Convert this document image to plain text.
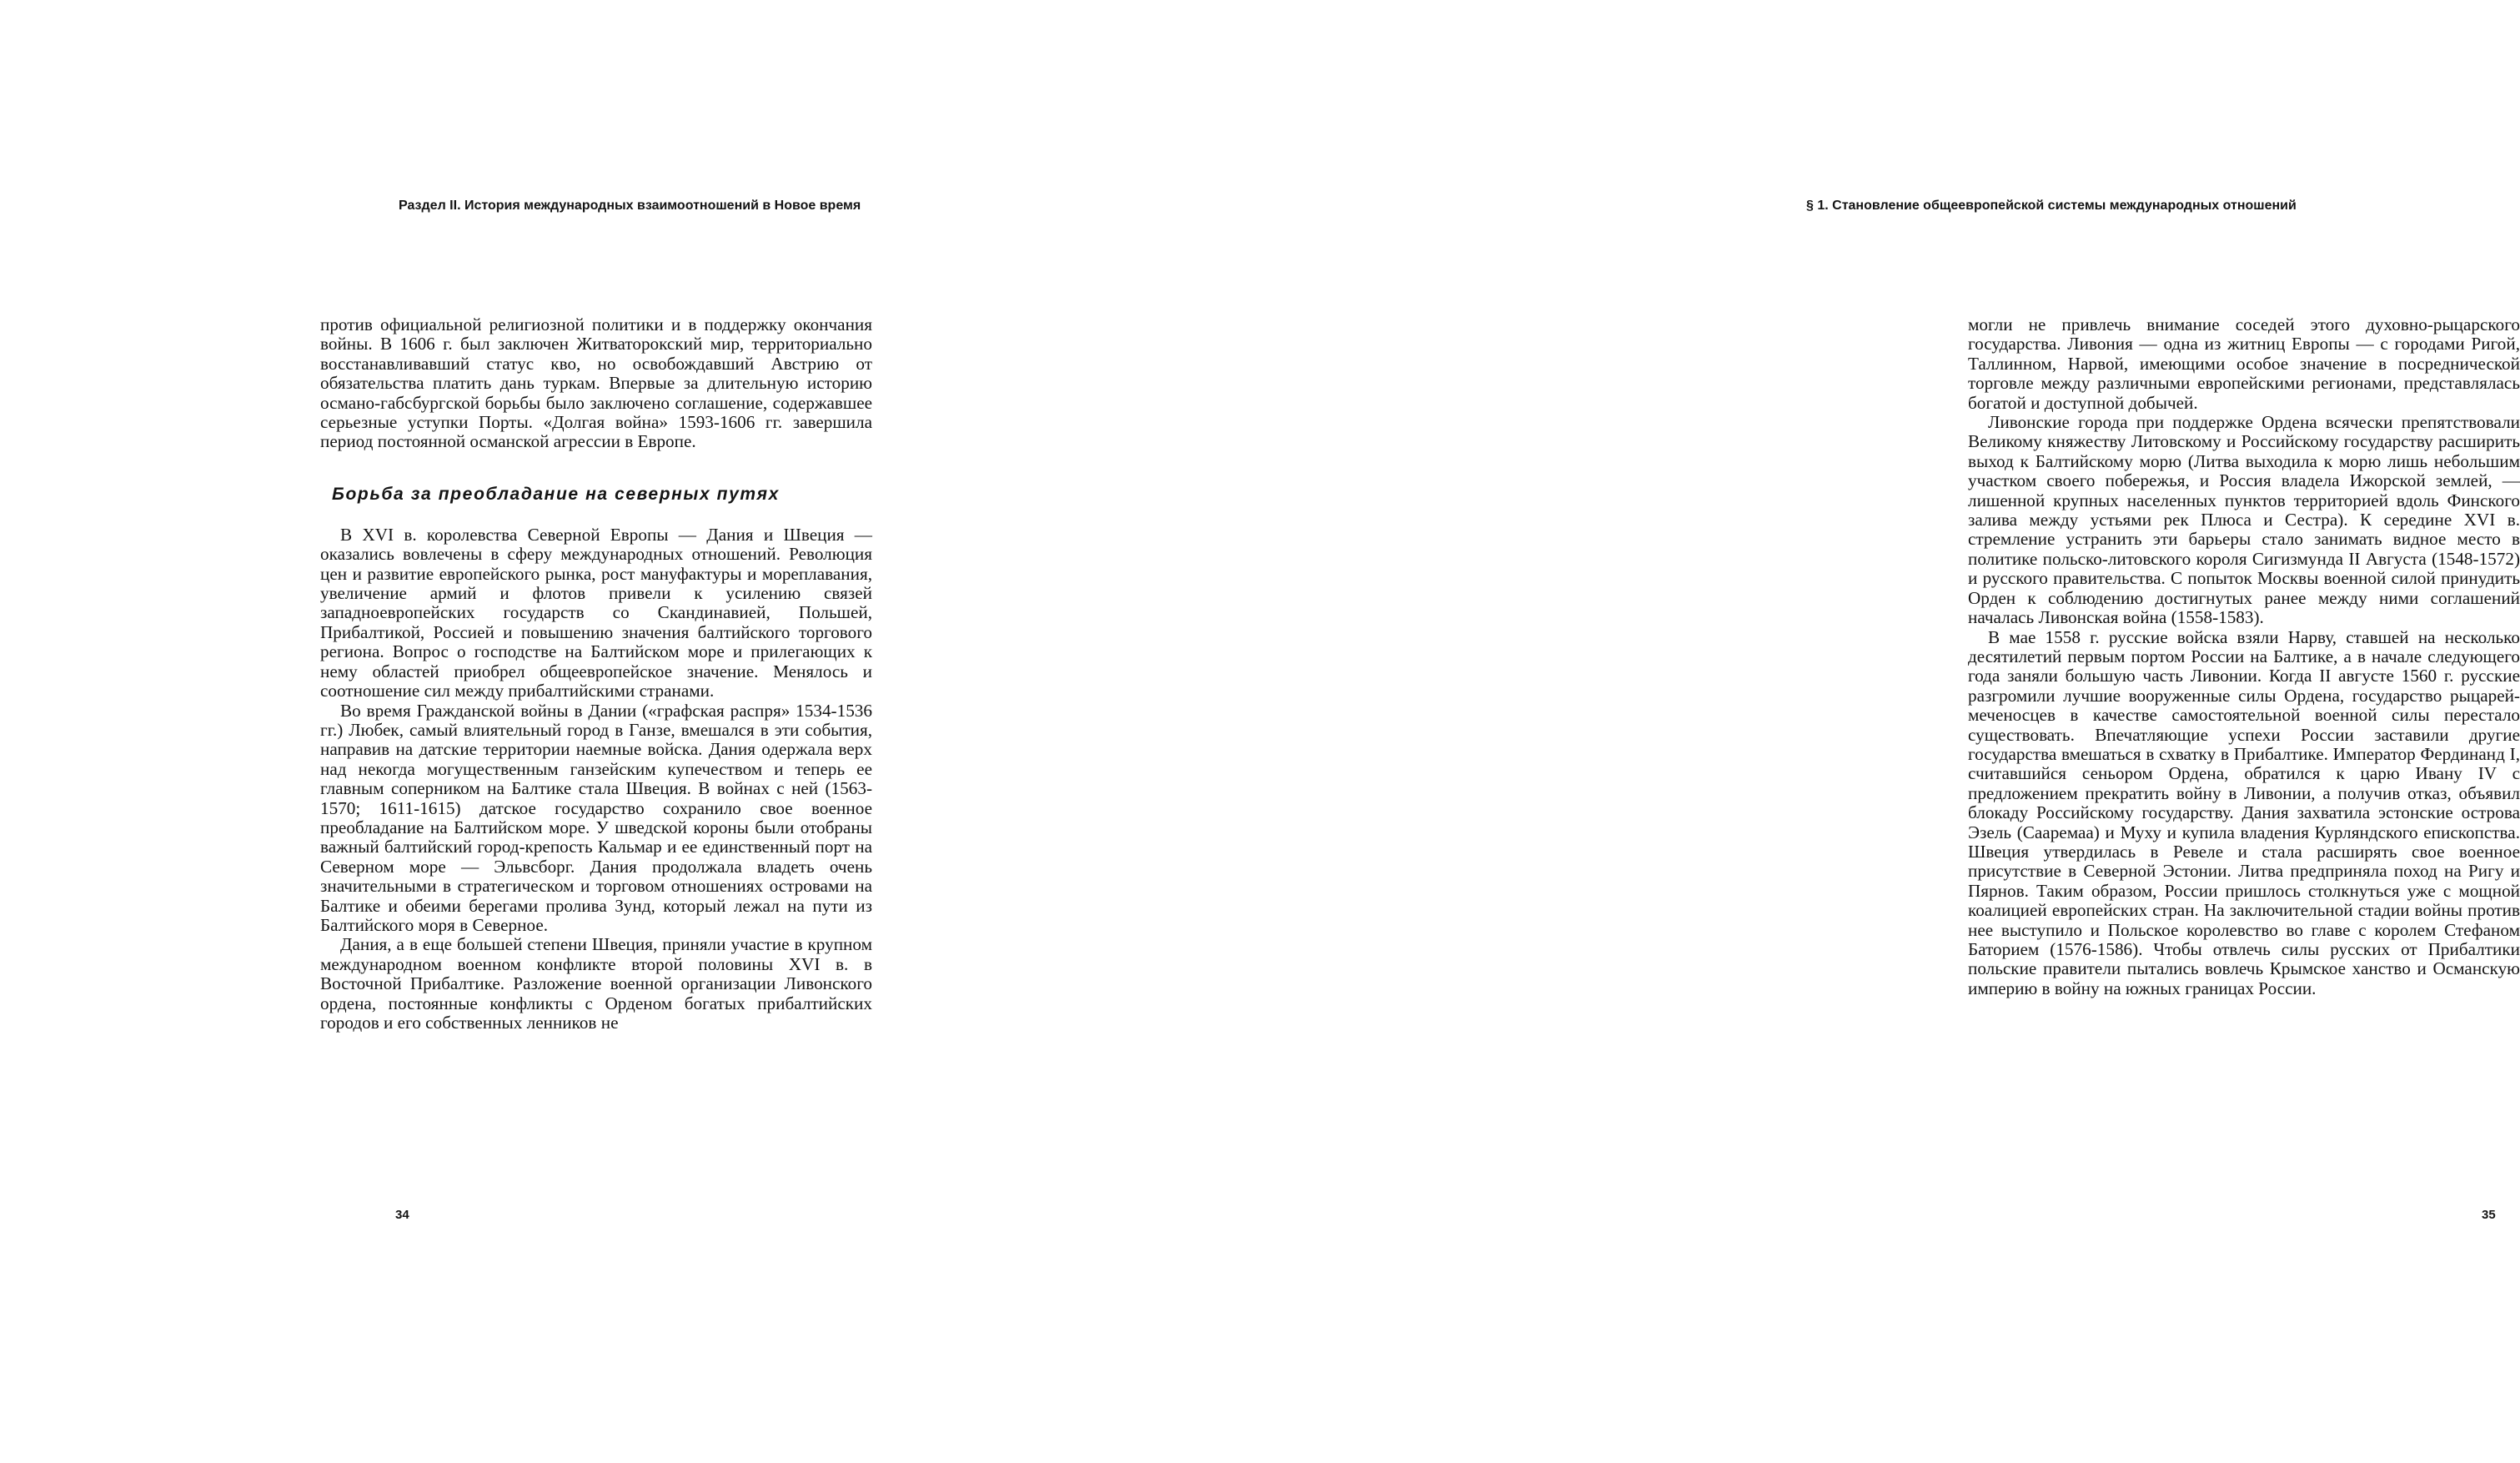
Раздел II. История международных взаимоотношений в Новое время

против официальной религиозной политики и в поддержку окончания войны. В 1606 г. был заключен Житваторокский мир, территориально восстанавливавший статус кво, но освобождавший Австрию от обязательства платить дань туркам. Впервые за длительную историю османо-габсбургской борьбы было заключено соглашение, содержавшее серьезные уступки Порты. «Долгая война» 1593-1606 гг. завершила период постоянной османской агрессии в Европе.

Борьба за преобладание на северных путях

В XVI в. королевства Северной Европы — Дания и Швеция — оказались вовлечены в сферу международных отношений. Революция цен и развитие европейского рынка, рост мануфактуры и мореплавания, увеличение армий и флотов привели к усилению связей западноевропейских государств со Скандинавией, Польшей, Прибалтикой, Россией и повышению значения балтийского торгового региона. Вопрос о господстве на Балтийском море и прилегающих к нему областей приобрел общеевропейское значение. Менялось и соотношение сил между прибалтийскими странами.

Во время Гражданской войны в Дании («графская распря» 1534-1536 гг.) Любек, самый влиятельный город в Ганзе, вмешался в эти события, направив на датские территории наемные войска. Дания одержала верх над некогда могущественным ганзейским купечеством и теперь ее главным соперником на Балтике стала Швеция. В войнах с ней (1563-1570; 1611-1615) датское государство сохранило свое военное преобладание на Балтийском море. У шведской короны были отобраны важный балтийский город-крепость Кальмар и ее единственный порт на Северном море — Эльвсборг. Дания продолжала владеть очень значительными в стратегическом и торговом отношениях островами на Балтике и обеими берегами пролива Зунд, который лежал на пути из Балтийского моря в Северное.

Дания, а в еще большей степени Швеция, приняли участие в крупном международном военном конфликте второй половины XVI в. в Восточной Прибалтике. Разложение военной организации Ливонского ордена, постоянные конфликты с Орденом богатых прибалтийских городов и его собственных ленников не

34
§ 1. Становление общеевропейской системы международных отношений

могли не привлечь внимание соседей этого духовно-рыцарского государства. Ливония — одна из житниц Европы — с городами Ригой, Таллинном, Нарвой, имеющими особое значение в посреднической торговле между различными европейскими регионами, представлялась богатой и доступной добычей.

Ливонские города при поддержке Ордена всячески препятствовали Великому княжеству Литовскому и Российскому государству расширить выход к Балтийскому морю (Литва выходила к морю лишь небольшим участком своего побережья, и Россия владела Ижорской землей, — лишенной крупных населенных пунктов территорией вдоль Финского залива между устьями рек Плюса и Сестра). К середине XVI в. стремление устранить эти барьеры стало занимать видное место в политике польско-литовского короля Сигизмунда II Августа (1548-1572) и русского правительства. С попыток Москвы военной силой принудить Орден к соблюдению достигнутых ранее между ними соглашений началась Ливонская война (1558-1583).

В мае 1558 г. русские войска взяли Нарву, ставшей на несколько десятилетий первым портом России на Балтике, а в начале следующего года заняли большую часть Ливонии. Когда II августе 1560 г. русские разгромили лучшие вооруженные силы Ордена, государство рыцарей-меченосцев в качестве самостоятельной военной силы перестало существовать. Впечатляющие успехи России заставили другие государства вмешаться в схватку в Прибалтике. Император Фердинанд I, считавшийся сеньором Ордена, обратился к царю Ивану IV с предложением прекратить войну в Ливонии, а получив отказ, объявил блокаду Российскому государству. Дания захватила эстонские острова Эзель (Сааремаа) и Муху и купила владения Курляндского епископства. Швеция утвердилась в Ревеле и стала расширять свое военное присутствие в Северной Эстонии. Литва предприняла поход на Ригу и Пярнов. Таким образом, России пришлось столкнуться уже с мощной коалицией европейских стран. На заключительной стадии войны против нее выступило и Польское королевство во главе с королем Стефаном Баторием (1576-1586). Чтобы отвлечь силы русских от Прибалтики польские правители пытались вовлечь Крымское ханство и Османскую империю в войну на южных границах России.

35
